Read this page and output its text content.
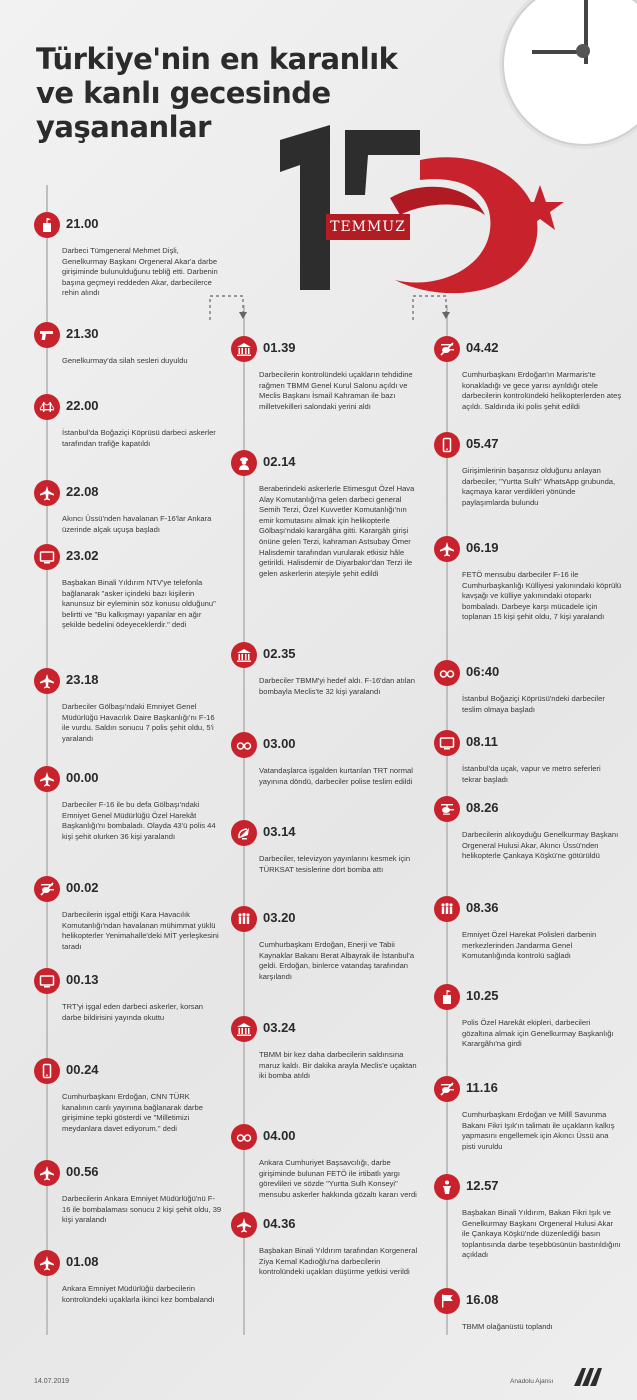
Türkiye'nin en karanlık
ve kanlı gecesinde
yaşananlar
TEMMUZ
21.00
Darbeci Tümgeneral Mehmet Dişli, Genelkurmay Başkanı Orgeneral Akar'a darbe girişiminde bulunulduğunu tebliğ etti. Darbenin başına geçmeyi reddeden Akar, darbecilerce rehin alındı
21.30
Genelkurmay'da silah sesleri duyuldu
22.00
İstanbul'da Boğaziçi Köprüsü darbeci askerler tarafından trafiğe kapatıldı
22.08
Akıncı Üssü'nden havalanan F-16'lar Ankara üzerinde alçak uçuşa başladı
23.02
Başbakan Binali Yıldırım NTV'ye telefonla bağlanarak "asker içindeki bazı kişilerin kanunsuz bir eyleminin söz konusu olduğunu" belirtti ve "Bu kalkışmayı yapanlar en ağır şekilde bedelini ödeyeceklerdir." dedi
23.18
Darbeciler Gölbaşı'ndaki Emniyet Genel Müdürlüğü Havacılık Daire Başkanlığı'nı F-16 ile vurdu. Saldırı sonucu 7 polis şehit oldu, 5'i yaralandı
00.00
Darbeciler F-16 ile bu defa Gölbaşı'ndaki Emniyet Genel Müdürlüğü Özel Harekât Başkanlığı'nı bombaladı. Olayda 43'ü polis 44 kişi şehit olurken 36 kişi yaralandı
00.02
Darbecilerin işgal ettiği Kara Havacılık Komutanlığı'ndan havalanan mühimmat yüklü helikopterler Yenimahalle'deki MİT yerleşkesini taradı
00.13
TRT'yi işgal eden darbeci askerler, korsan darbe bildirisini yayında okuttu
00.24
Cumhurbaşkanı Erdoğan, CNN TÜRK kanalının canlı yayınına bağlanarak darbe girişimine tepki gösterdi ve "Milletimizi meydanlara davet ediyorum." dedi
00.56
Darbecilerin Ankara Emniyet Müdürlüğü'nü F-16 ile bombalaması sonucu 2 kişi şehit oldu, 39 kişi yaralandı
01.08
Ankara Emniyet Müdürlüğü darbecilerin kontrolündeki uçaklarla ikinci kez bombalandı
01.39
Darbecilerin kontrolündeki uçakların tehdidine rağmen TBMM Genel Kurul Salonu açıldı ve Meclis Başkanı İsmail Kahraman ile bazı milletvekilleri salondaki yerini aldı
02.14
Beraberindeki askerlerle Etimesgut Özel Hava Alay Komutanlığı'na gelen darbeci general Semih Terzi, Özel Kuvvetler Komutanlığı'nın emir komutasını almak için helikopterle Gölbaşı'ndaki karargâha gitti. Karargâh girişi önüne gelen Terzi, kahraman Astsubay Ömer Halisdemir tarafından vurularak etkisiz hâle getirildi. Halisdemir de Diyarbakır'dan Terzi ile gelen askerlerin ateşiyle şehit edildi
02.35
Darbeciler TBMM'yi hedef aldı. F-16'dan atılan bombayla Meclis'te 32 kişi yaralandı
03.00
Vatandaşlarca işgalden kurtarılan TRT normal yayınına döndü, darbeciler polise teslim edildi
03.14
Darbeciler, televizyon yayınlarını kesmek için TÜRKSAT tesislerine dört bomba attı
03.20
Cumhurbaşkanı Erdoğan, Enerji ve Tabii Kaynaklar Bakanı Berat Albayrak ile İstanbul'a geldi. Erdoğan, binlerce vatandaş tarafından karşılandı
03.24
TBMM bir kez daha darbecilerin saldırısına maruz kaldı. Bir dakika arayla Meclis'e uçaktan iki bomba atıldı
04.00
Ankara Cumhuriyet Başsavcılığı, darbe girişiminde bulunan FETÖ ile irtibatlı yargı görevlileri ve sözde "Yurtta Sulh Konseyi" mensubu askerler hakkında gözaltı kararı verdi
04.36
Başbakan Binali Yıldırım tarafından Korgeneral Ziya Kemal Kadıoğlu'na darbecilerin kontrolündeki uçakları düşürme yetkisi verildi
04.42
Cumhurbaşkanı Erdoğan'ın Marmaris'te konakladığı ve gece yarısı ayrıldığı otele darbecilerin kontrolündeki helikopterlerden ateş açıldı. Saldırıda iki polis şehit edildi
05.47
Girişimlerinin başarısız olduğunu anlayan darbeciler, "Yurtta Sulh" WhatsApp grubunda, kaçmaya karar verdikleri yönünde paylaşımlarda bulundu
06.19
FETÖ mensubu darbeciler F-16 ile Cumhurbaşkanlığı Külliyesi yakınındaki köprülü kavşağı ve külliye yakınındaki otoparkı bombaladı. Darbeye karşı mücadele için toplanan 15 kişi şehit oldu, 7 kişi yaralandı
06:40
İstanbul Boğaziçi Köprüsü'ndeki darbeciler teslim olmaya başladı
08.11
İstanbul'da uçak, vapur ve metro seferleri tekrar başladı
08.26
Darbecilerin alıkoyduğu Genelkurmay Başkanı Orgeneral Hulusi Akar, Akıncı Üssü'nden helikopterle Çankaya Köşkü'ne götürüldü
08.36
Emniyet Özel Harekat Polisleri darbenin merkezlerinden Jandarma Genel Komutanlığında kontrolü sağladı
10.25
Polis Özel Harekât ekipleri, darbecileri gözaltına almak için Genelkurmay Başkanlığı Karargâhı'na girdi
11.16
Cumhurbaşkanı Erdoğan ve Millî Savunma Bakanı Fikri Işık'ın talimatı ile uçakların kalkış yapmasını engellemek için Akıncı Üssü ana pisti vuruldu
12.57
Başbakan Binali Yıldırım, Bakan Fikri Işık ve Genelkurmay Başkanı Orgeneral Hulusi Akar ile Çankaya Köşkü'nde düzenlediği basın toplantısında darbe teşebbüsünün bastırıldığını açıkladı
16.08
TBMM olağanüstü toplandı
14.07.2019	Anadolu Ajansı
